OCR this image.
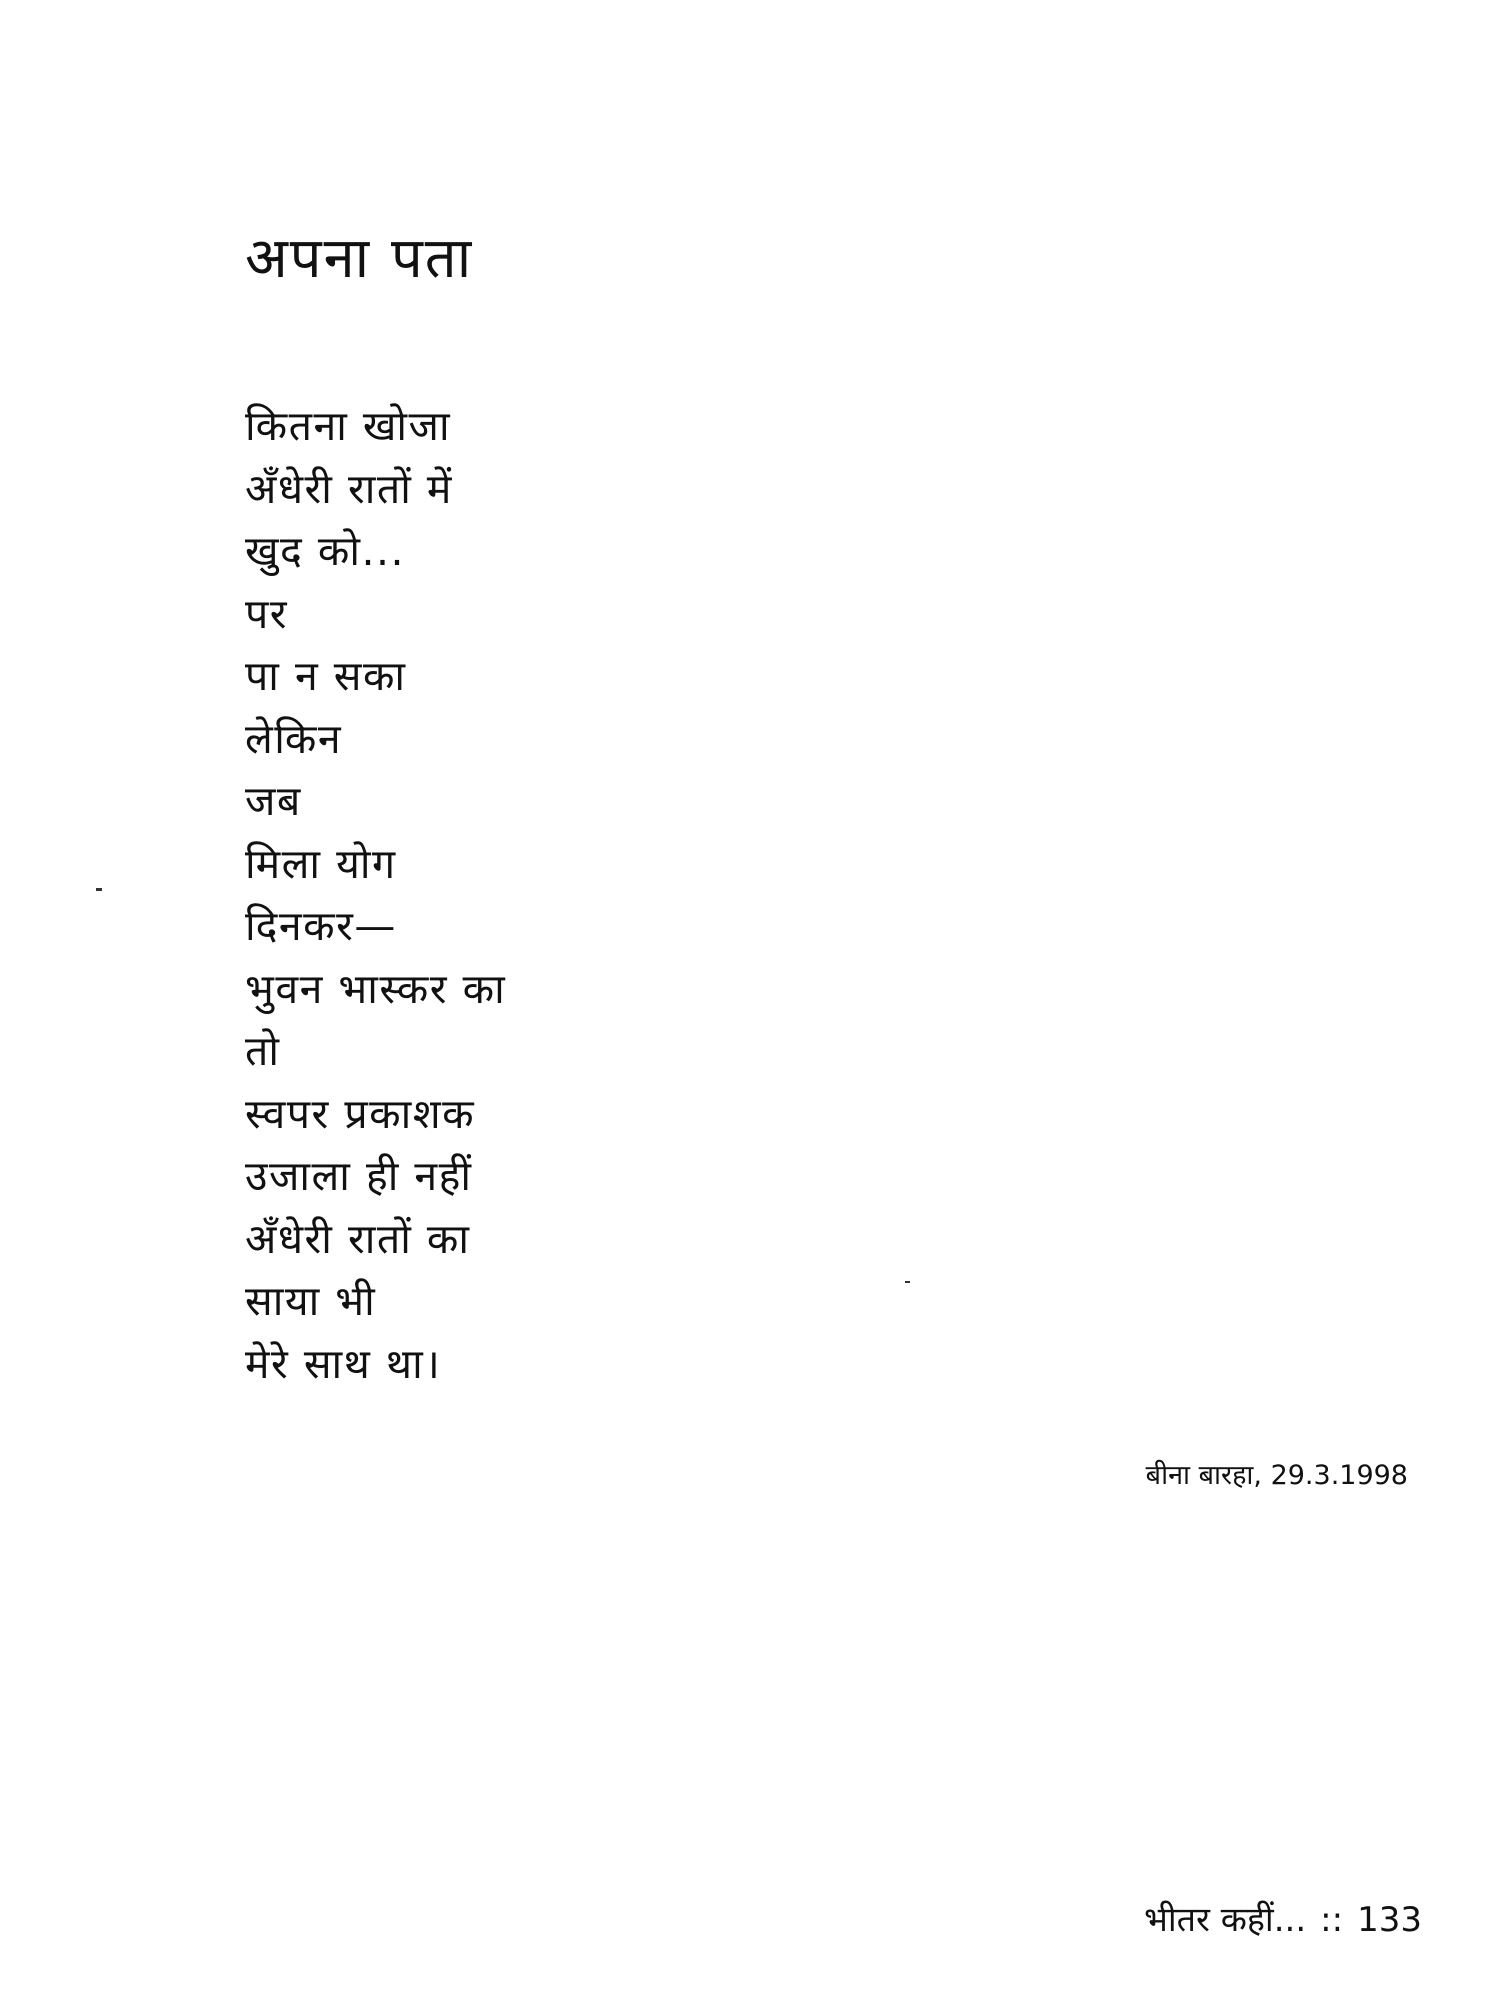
अपना पता
कितना खोजा
अँधेरी रातों में
खुद को...
पर
पा न सका
लेकिन
जब
मिला योग
दिनकर—
भुवन भास्कर का
तो
स्वपर प्रकाशक
उजाला ही नहीं
अँधेरी रातों का
साया भी
मेरे साथ था।
बीना बारहा, 29.3.1998
भीतर कहीं... :: 133
